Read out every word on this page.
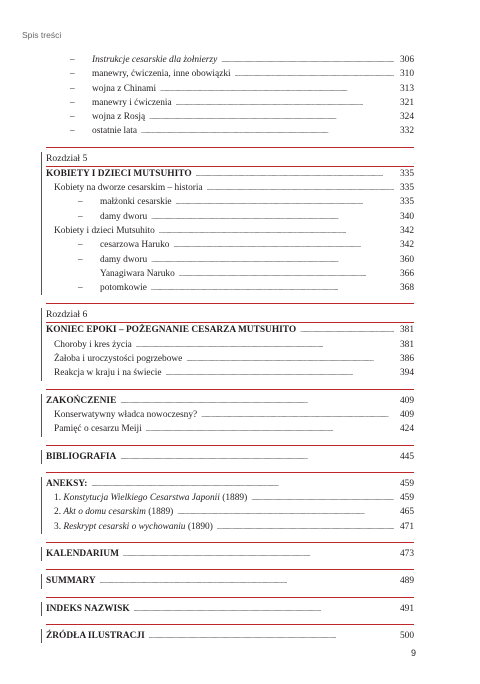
Spis treści
–	Instrukcje cesarskie dla żołnierzy . . .	306
–	manewry, ćwiczenia, inne obowiązki . . .	310
–	wojna z Chinami . . .	313
–	manewry i ćwiczenia . . .	321
–	wojna z Rosją . . .	324
–	ostatnie lata . . .	332
Rozdział 5
KOBIETY I DZIECI MUTSUHITO . . .	335
Kobiety na dworze cesarskim – historia . . .	335
–	małżonki cesarskie . . .	335
–	damy dworu . . .	340
Kobiety i dzieci Mutsuhito . . .	342
–	cesarzowa Haruko . . .	342
–	damy dworu . . .	360
Yanagiwara Naruko . . .	366
–	potomkowie . . .	368
Rozdział 6
KONIEC EPOKI – POŻEGNANIE CESARZA MUTSUHITO . . .	381
Choroby i kres życia . . .	381
Żałoba i uroczystości pogrzebowe . . .	386
Reakcja w kraju i na świecie . . .	394
ZAKOŃCZENIE . . .	409
Konserwatywny władca nowoczesny? . . .	409
Pamięć o cesarzu Meiji . . .	424
BIBLIOGRAFIA . . .	445
ANEKSY: . . .	459
1. Konstytucja Wielkiego Cesarstwa Japonii (1889) . . .	459
2. Akt o domu cesarskim (1889) . . .	465
3. Reskrypt cesarski o wychowaniu (1890) . . .	471
KALENDARIUM . . .	473
SUMMARY . . .	489
INDEKS NAZWISK . . .	491
ŹRÓDŁA ILUSTRACJI . . .	500
9
